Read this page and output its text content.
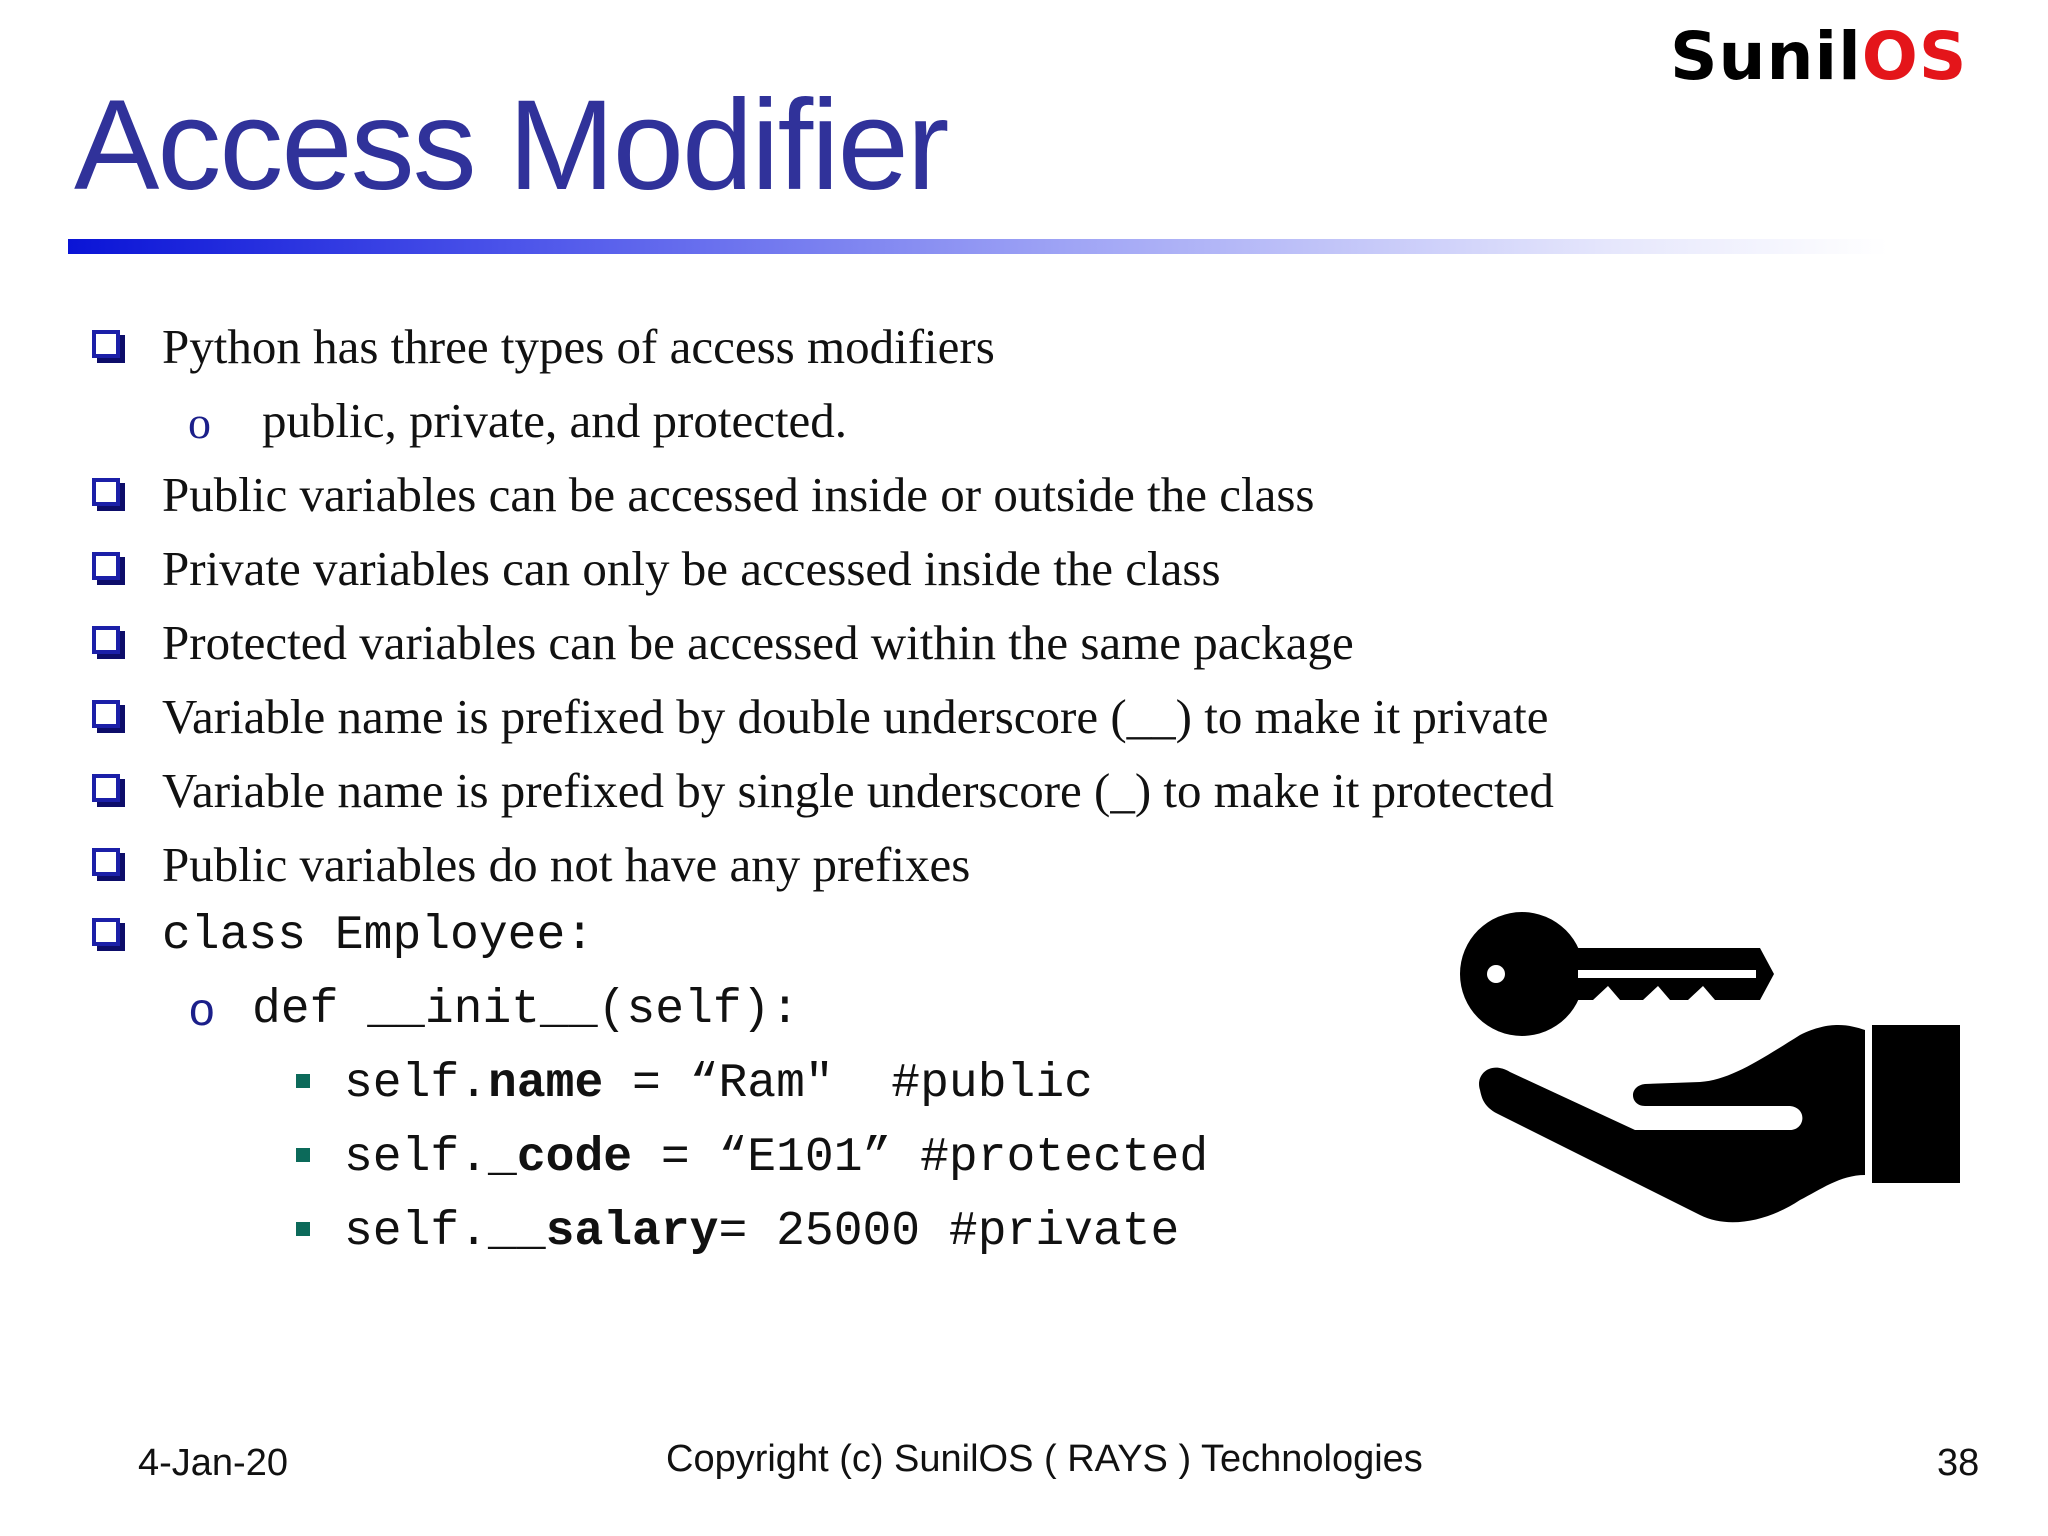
SunilOS
Access Modifier
Python has three types of access modifiers
o public, private, and protected.
Public variables can be accessed inside or outside the class
Private variables can only be accessed inside the class
Protected variables can be accessed within the same package
Variable name is prefixed by double underscore (__) to make it private
Variable name is prefixed by single underscore (_) to make it protected
Public variables do not have any prefixes
class Employee:
o def __init__(self):
self.name = “Ram"  #public
self._code = “E101” #protected
self.__salary= 25000 #private
4-Jan-20	Copyright (c) SunilOS ( RAYS ) Technologies	38
